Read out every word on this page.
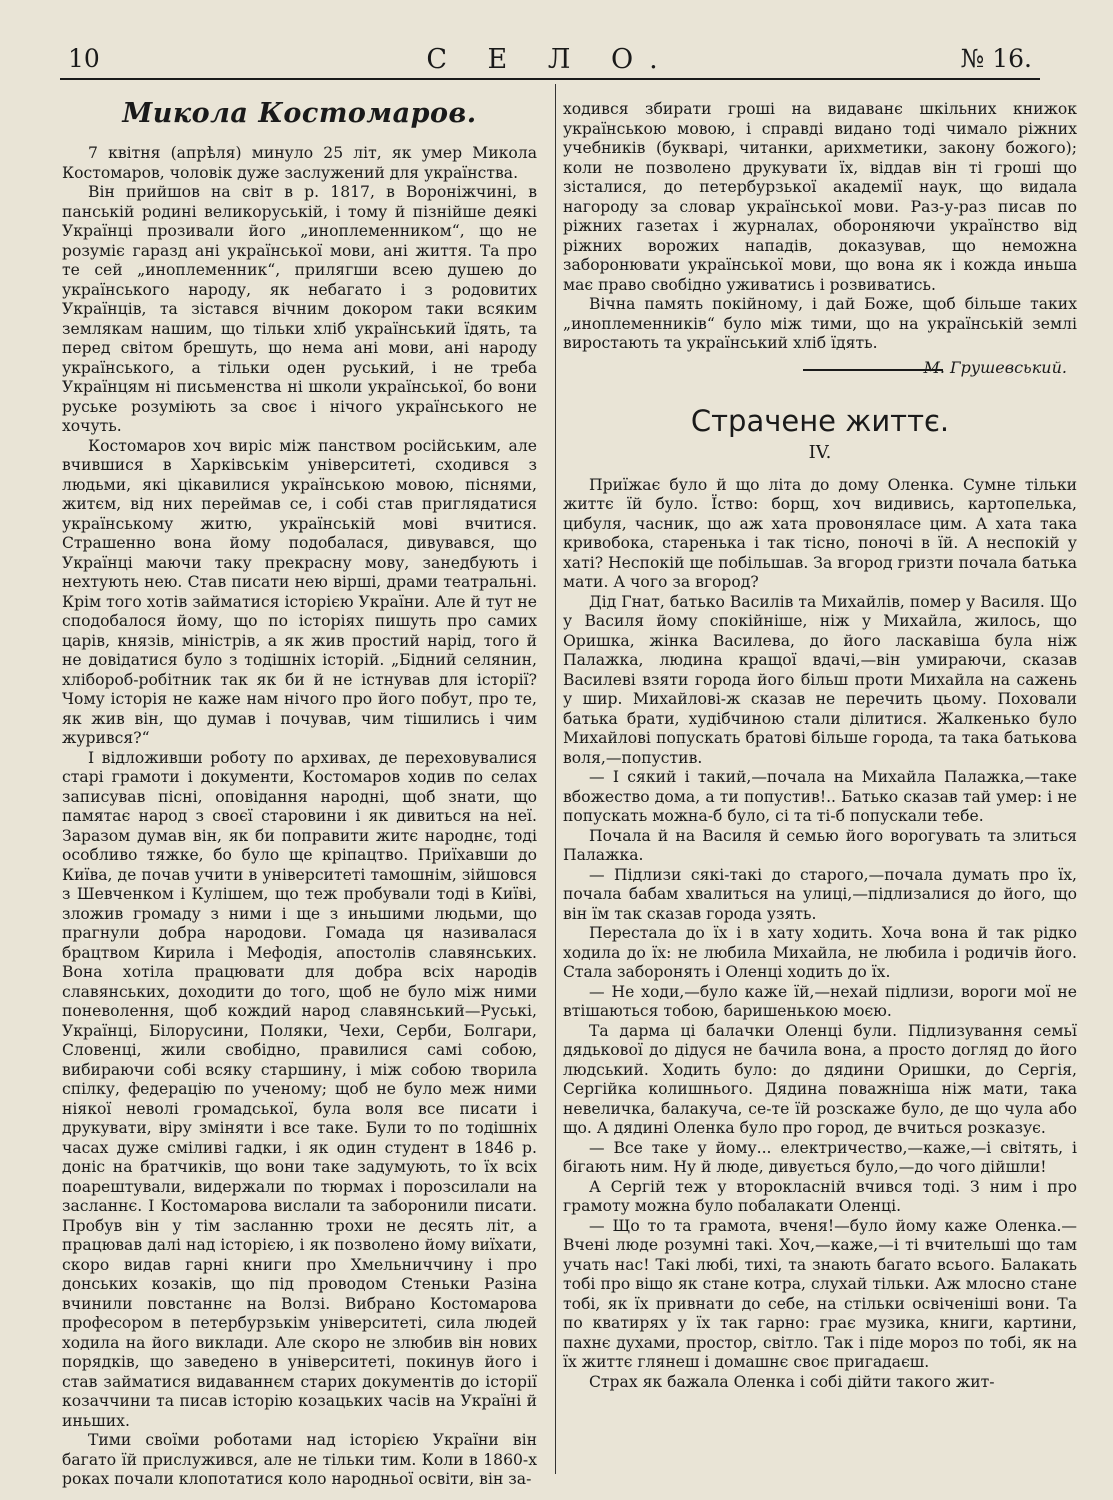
10	С Е Л О.	№ 16.
Микола Костомаров.

7 квітня (апрѣля) минуло 25 літ, як умер Микола Костомаров, чоловік дуже заслужений для українства.

Він прийшов на світ в р. 1817, в Вороніжчині, в панській родині великоруській, і тому й пізнійше деякі Українці прозивали його „иноплеменником“, що не розуміє гаразд ані української мови, ані життя. Та про те сей „иноплеменник“, прилягши всею душею до українського народу, як небагато і з родовитих Українців, та зістався вічним докором таки всяким землякам нашим, що тільки хліб український їдять, та перед світом брешуть, що нема ані мови, ані народу українського, а тільки оден руський, і не треба Українцям ні письменства ні школи української, бо вони руське розуміють за своє і нічого українського не хочуть.

Костомаров хоч виріс між панством російським, але вчившися в Харківськім університеті, сходився з людьми, які цікавилися українською мовою, піснями, житєм, від них переймав се, і собі став приглядатися українському житю, українській мові вчитися. Страшенно вона йому подобалася, дивувався, що Українці маючи таку прекрасну мову, занедбують і нехтують нею. Став писати нею вірші, драми театральні. Крім того хотів займатися історією України. Але й тут не сподобалося йому, що по історіях пишуть про самих царів, князів, міністрів, а як жив простий нарід, того й не довідатися було з тодішніх історій. „Бідний селянин, хлібороб-робітник так як би й не істнував для історії? Чому історія не каже нам нічого про його побут, про те, як жив він, що думав і почував, чим тішились і чим журився?“

І відложивши роботу по архивах, де переховувалися старі грамоти і документи, Костомаров ходив по селах записував пісні, оповідання народні, щоб знати, що памятає народ з своєї старовини і як дивиться на неї. Заразом думав він, як би поправити житє народнє, тоді особливо тяжке, бо було ще кріпацтво. Приїхавши до Київа, де почав учити в університеті тамошнім, зійшовся з Шевченком і Кулішем, що теж пробували тоді в Київі, зложив громаду з ними і ще з иньшими людьми, що прагнули добра народови. Гомада ця називалася брацтвом Кирила і Мефодія, апостолів славянських. Вона хотіла працювати для добра всіх народів славянських, доходити до того, щоб не було між ними поневолення, щоб кождий народ славянський—Руські, Українці, Білорусини, Поляки, Чехи, Серби, Болгари, Словенці, жили свобідно, правилися самі собою, вибираючи собі всяку старшину, і між собою творила спілку, федерацію по ученому; щоб не було меж ними ніякої неволі громадської, була воля все писати і друкувати, віру зміняти і все таке. Були то по тодішніх часах дуже сміливі гадки, і як один студент в 1846 р. доніс на братчиків, що вони таке задумують, то їх всіх поарештували, видержали по тюрмах і порозсилали на засланнє. І Костомарова вислали та заборонили писати. Пробув він у тім засланню трохи не десять літ, а працював далі над історією, і як позволено йому виїхати, скоро видав гарні книги про Хмельниччину і про донських козаків, що під проводом Стеньки Разіна вчинили повстаннє на Волзі. Вибрано Костомарова професором в петербурзькім університеті, сила людей ходила на його виклади. Але скоро не злюбив він нових порядків, що заведено в університеті, покинув його і став займатися видаваннєм старих документів до історії козаччини та писав історію козацьких часів на Україні й иньших.

Тими своїми роботами над історією України він багато їй прислужився, але не тільки тим. Коли в 1860-х роках почали клопотатися коло народньої освіти, він за-

ходився збирати гроші на видаванє шкільних книжок українською мовою, і справді видано тоді чимало ріжних учебників (букварі, читанки, арихметики, закону божого); коли не позволено друкувати їх, віддав він ті гроші що зісталися, до петербурзької академії наук, що видала нагороду за словар української мови. Раз-у-раз писав по ріжних газетах і журналах, обороняючи українство від ріжних ворожих нападів, доказував, що неможна заборонювати української мови, що вона як і кожда иньша має право свобідно уживатись і розвиватись.

Вічна память покійному, і дай Боже, щоб більше таких „иноплеменників“ було між тими, що на українській землі виростають та український хліб їдять.

М. Грушевський.
Страчене життє.
IV.

Приїжає було й що літа до дому Оленка. Сумне тільки життє їй було. Їство: борщ, хоч видивись, картопелька, цибуля, часник, що аж хата провоняласе цим. А хата така кривобока, старенька і так тісно, поночі в їй. А неспокій у хаті? Неспокій ще побільшав. За вгород гризти почала батька мати. А чого за вгород?

Дід Гнат, батько Василів та Михайлів, помер у Василя. Що у Василя йому спокійніше, ніж у Михайла, жилось, що Оришка, жінка Василева, до його ласкавіша була ніж Палажка, людина кращої вдачі,—він умираючи, сказав Василеві взяти города його більш проти Михайла на сажень у шир. Михайлові-ж сказав не перечить цьому. Поховали батька брати, худібчиною стали ділитися. Жалкенько було Михайлові попускать братові більше города, та така батькова воля,—попустив.

— І сякий і такий,—почала на Михайла Палажка,—таке вбожество дома, а ти попустив!.. Батько сказав тай умер: і не попускать можна-б було, сі та ті-б попускали тебе.

Почала й на Василя й семью його ворогувать та злиться Палажка.

— Підлизи сякі-такі до старого,—почала думать про їх, почала бабам хвалиться на улиці,—підлизалися до його, що він їм так сказав города узять.

Перестала до їх і в хату ходить. Хоча вона й так рідко ходила до їх: не любила Михайла, не любила і родичів його. Стала заборонять і Оленці ходить до їх.

— Не ходи,—було каже їй,—нехай підлизи, вороги мої не втішаються тобою, баришенькою моєю.

Та дарма ці балачки Оленці були. Підлизування семьї дядькової до дідуся не бачила вона, а просто догляд до його людський. Ходить було: до дядини Оришки, до Сергія, Сергійка колишнього. Дядина поважніша ніж мати, така невеличка, балакуча, се-те їй розскаже було, де що чула або що. А дядині Оленка було про город, де вчиться розказує.

— Все таке у йому... електричество,—каже,—і світять, і бігають ним. Ну й люде, дивується було,—до чого дійшли!

А Сергій теж у второкласній вчився тоді. З ним і про грамоту можна було побалакати Оленці.

— Що то та грамота, вченя!—було йому каже Оленка.—Вчені люде розумні такі. Хоч,—каже,—і ті вчительші що там учать нас! Такі любі, тихі, та знають багато всього. Балакать тобі про віщо як стане котра, слухай тільки. Аж млосно стане тобі, як їх привнати до себе, на стільки освіченіші вони. Та по кватирях у їх так гарно: грає музика, книги, картини, пахнє духами, простор, світло. Так і піде мороз по тобі, як на їх життє глянеш і домашнє своє пригадаєш.

Страх як бажала Оленка і собі дійти такого жит-
